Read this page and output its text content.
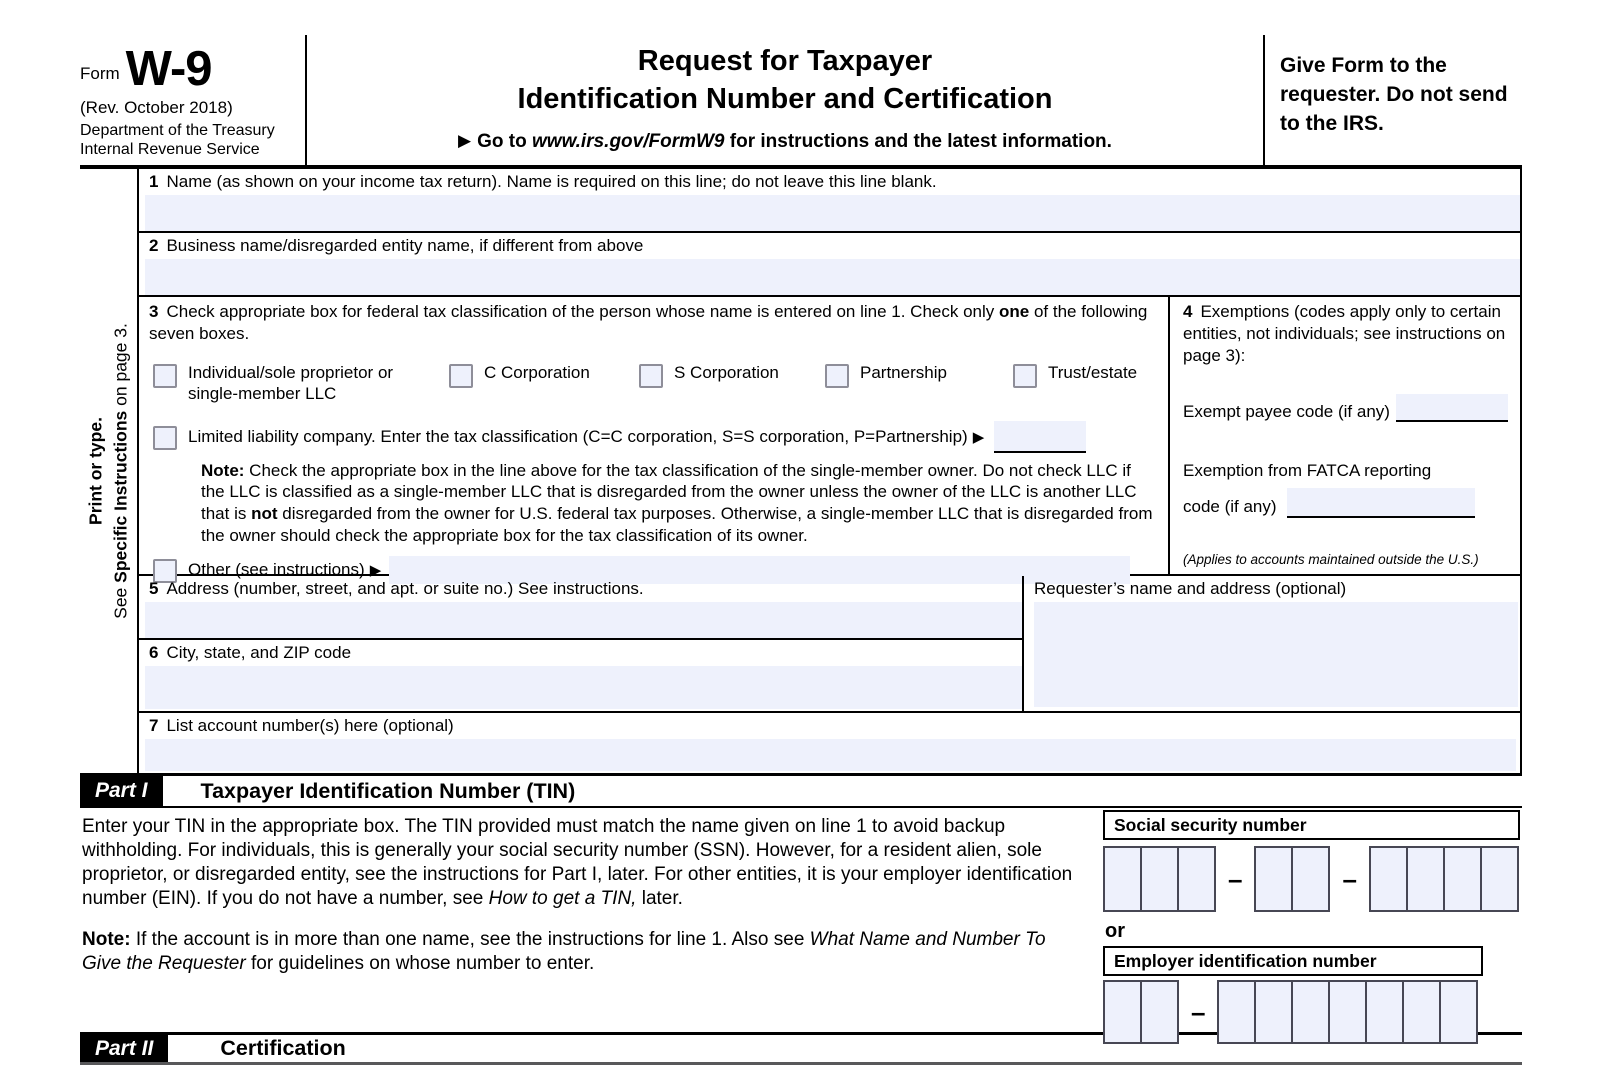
Form W-9
(Rev. October 2018)
Department of the Treasury
Internal Revenue Service
Request for Taxpayer
Identification Number and Certification
▶ Go to www.irs.gov/FormW9 for instructions and the latest information.
Give Form to the requester. Do not send to the IRS.
Print or type.
See Specific Instructions on page 3.
1 Name (as shown on your income tax return). Name is required on this line; do not leave this line blank.
2 Business name/disregarded entity name, if different from above
3 Check appropriate box for federal tax classification of the person whose name is entered on line 1. Check only one of the following seven boxes.
Individual/sole proprietor or single-member LLC
C Corporation	S Corporation	Partnership	Trust/estate
Limited liability company. Enter the tax classification (C=C corporation, S=S corporation, P=Partnership) ▶
Note: Check the appropriate box in the line above for the tax classification of the single-member owner. Do not check LLC if the LLC is classified as a single-member LLC that is disregarded from the owner unless the owner of the LLC is another LLC that is not disregarded from the owner for U.S. federal tax purposes. Otherwise, a single-member LLC that is disregarded from the owner should check the appropriate box for the tax classification of its owner.
Other (see instructions) ▶
4 Exemptions (codes apply only to certain entities, not individuals; see instructions on page 3):
Exempt payee code (if any)
Exemption from FATCA reporting
code (if any)
(Applies to accounts maintained outside the U.S.)
5 Address (number, street, and apt. or suite no.) See instructions.
6 City, state, and ZIP code
Requester’s name and address (optional)
7 List account number(s) here (optional)
Part I	Taxpayer Identification Number (TIN)

Enter your TIN in the appropriate box. The TIN provided must match the name given on line 1 to avoid backup withholding. For individuals, this is generally your social security number (SSN). However, for a resident alien, sole proprietor, or disregarded entity, see the instructions for Part I, later. For other entities, it is your employer identification number (EIN). If you do not have a number, see How to get a TIN, later.

Note: If the account is in more than one name, see the instructions for line 1. Also see What Name and Number To Give the Requester for guidelines on whose number to enter.

Social security number
–	–
or
Employer identification number
–
Part II	Certification
